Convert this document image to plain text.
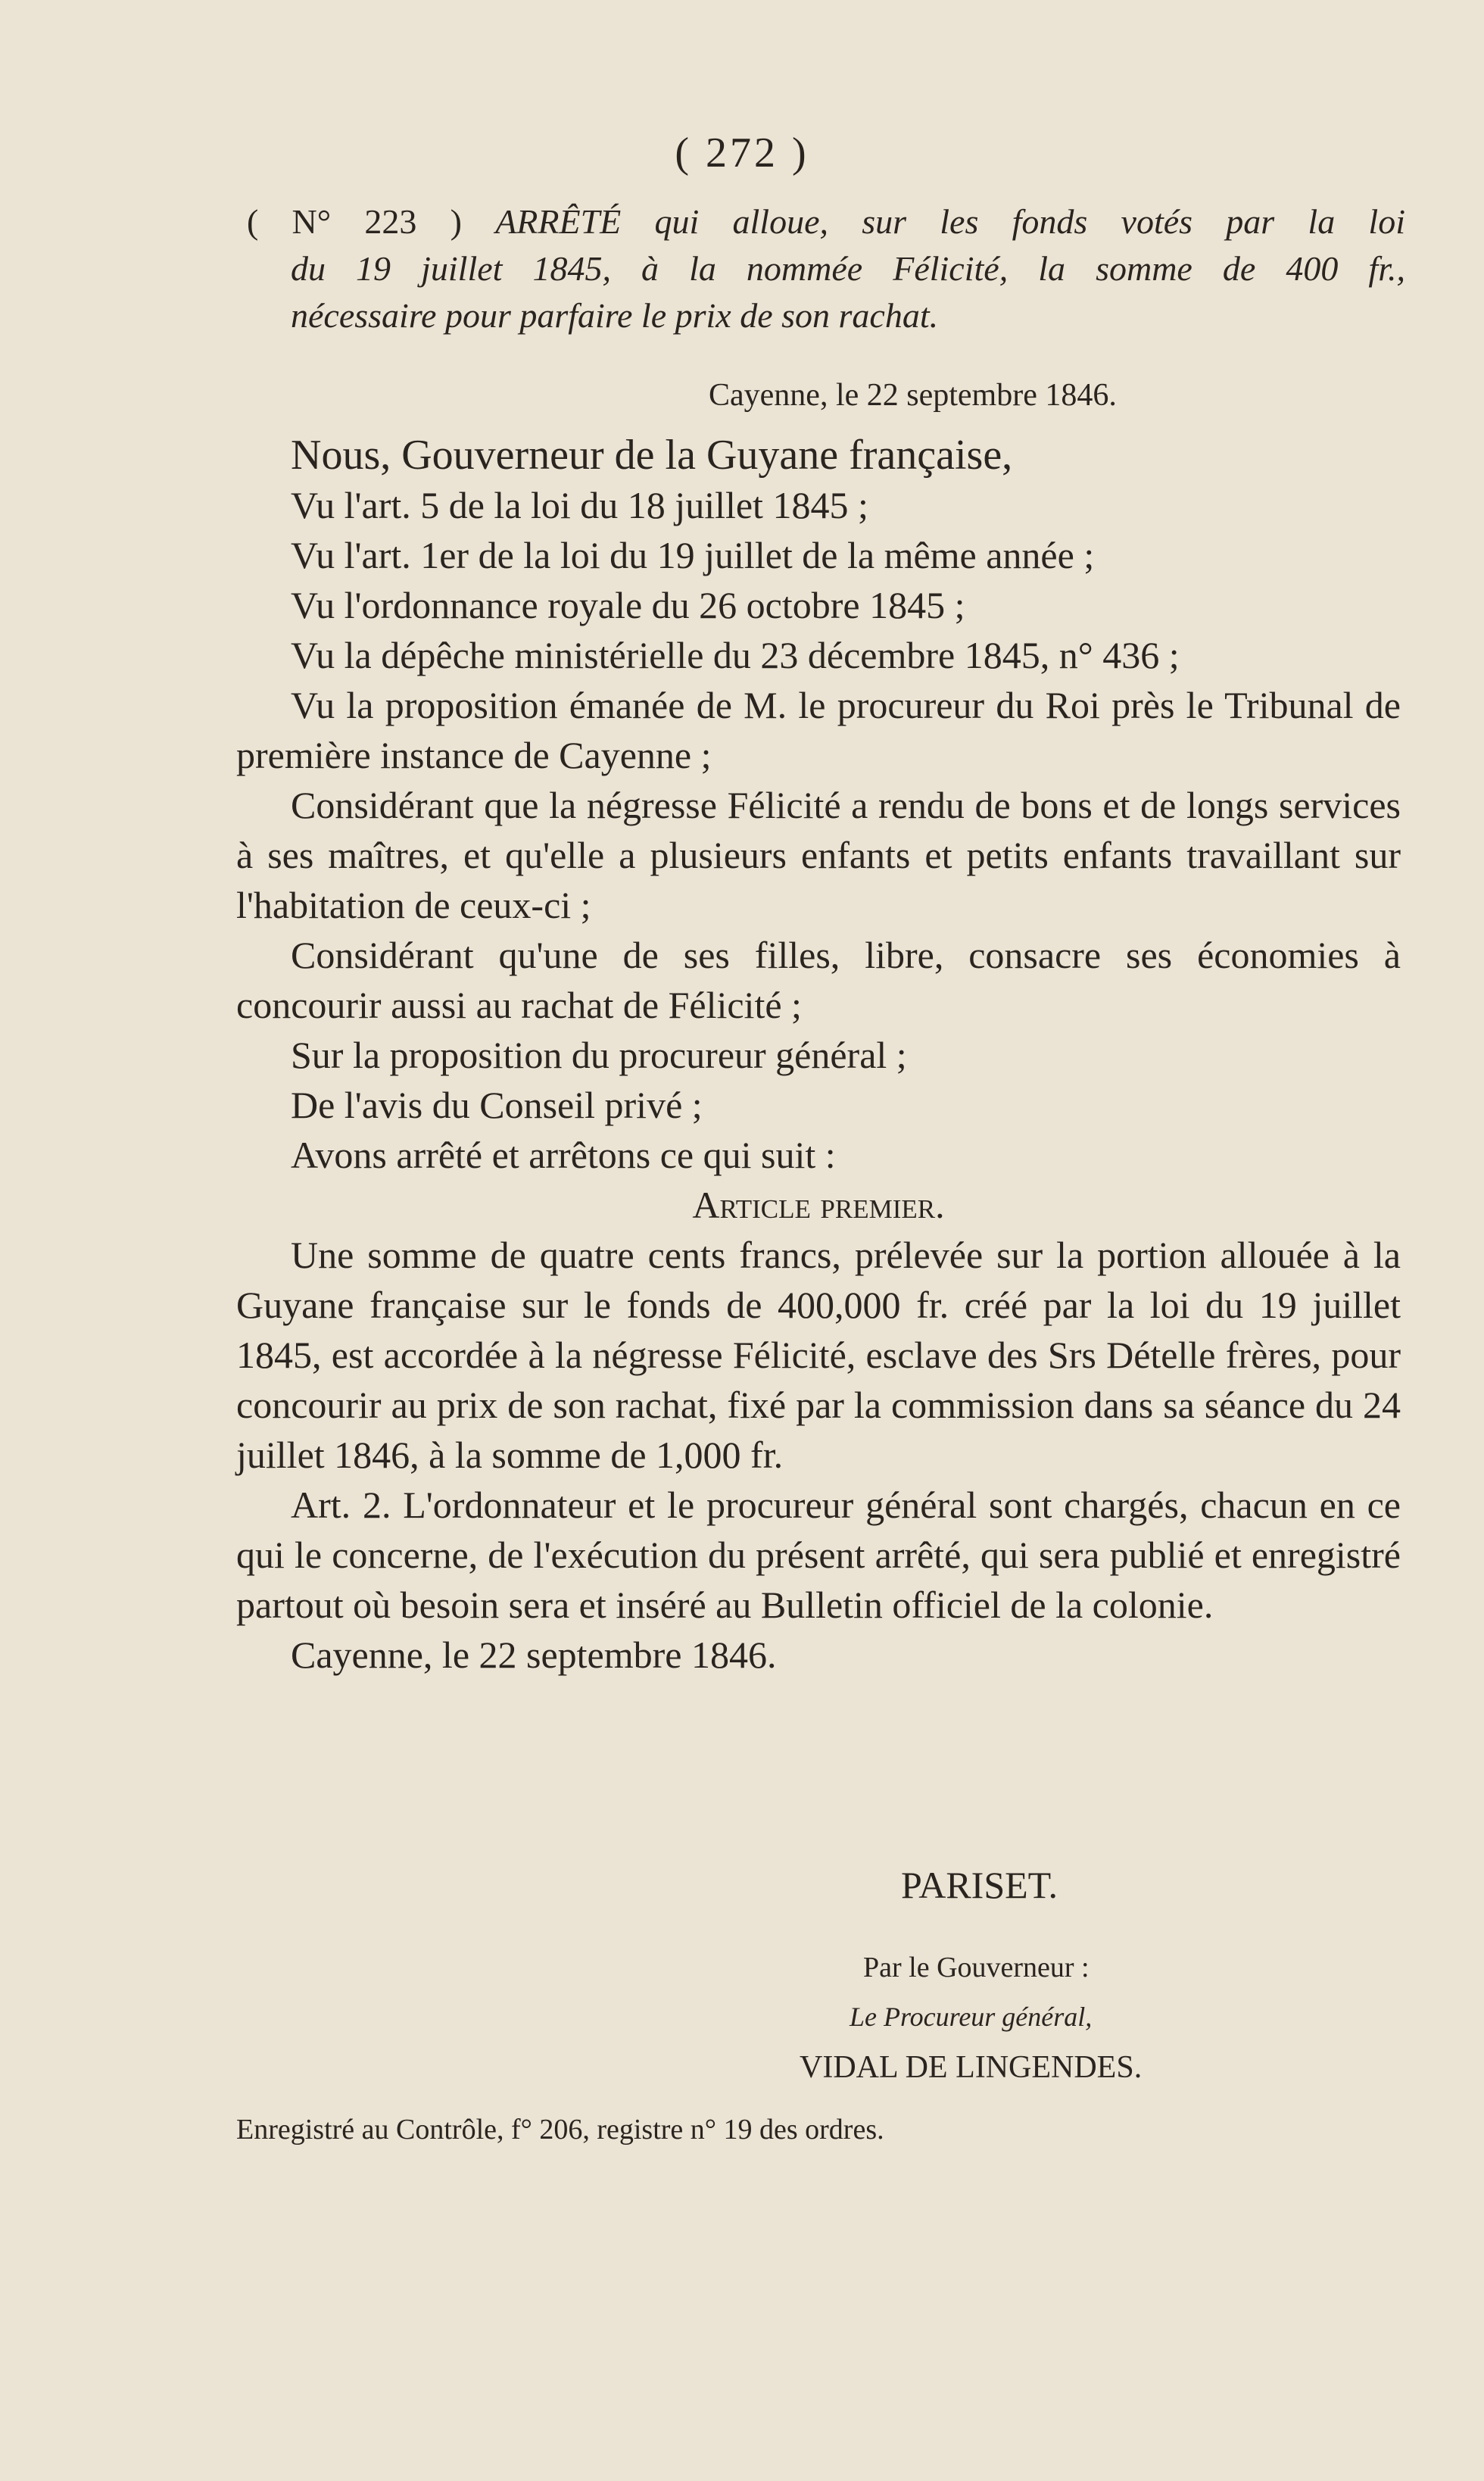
( 272 )
( N° 223 ) ARRÊTÉ qui alloue, sur les fonds votés par la loi
du 19 juillet 1845, à la nommée Félicité, la somme de 400 fr.,
nécessaire pour parfaire le prix de son rachat.
Cayenne, le 22 septembre 1846.

Nous, Gouverneur de la Guyane française,

Vu l'art. 5 de la loi du 18 juillet 1845 ;

Vu l'art. 1er de la loi du 19 juillet de la même année ;

Vu l'ordonnance royale du 26 octobre 1845 ;

Vu la dépêche ministérielle du 23 décembre 1845, n° 436 ;

Vu la proposition émanée de M. le procureur du Roi près le Tribunal de première instance de Cayenne ;

Considérant que la négresse Félicité a rendu de bons et de longs services à ses maîtres, et qu'elle a plusieurs enfants et petits enfants travaillant sur l'habitation de ceux-ci ;

Considérant qu'une de ses filles, libre, consacre ses économies à concourir aussi au rachat de Félicité ;

Sur la proposition du procureur général ;

De l'avis du Conseil privé ;

Avons arrêté et arrêtons ce qui suit :

Article premier.

Une somme de quatre cents francs, prélevée sur la portion allouée à la Guyane française sur le fonds de 400,000 fr. créé par la loi du 19 juillet 1845, est accordée à la négresse Félicité, esclave des Srs Dételle frères, pour concourir au prix de son rachat, fixé par la commission dans sa séance du 24 juillet 1846, à la somme de 1,000 fr.

Art. 2. L'ordonnateur et le procureur général sont chargés, chacun en ce qui le concerne, de l'exécution du présent arrêté, qui sera publié et enregistré partout où besoin sera et inséré au Bulletin officiel de la colonie.

Cayenne, le 22 septembre 1846.

PARISET.
Par le Gouverneur :
Le Procureur général,
VIDAL DE LINGENDES.
Enregistré au Contrôle, f° 206, registre n° 19 des ordres.
